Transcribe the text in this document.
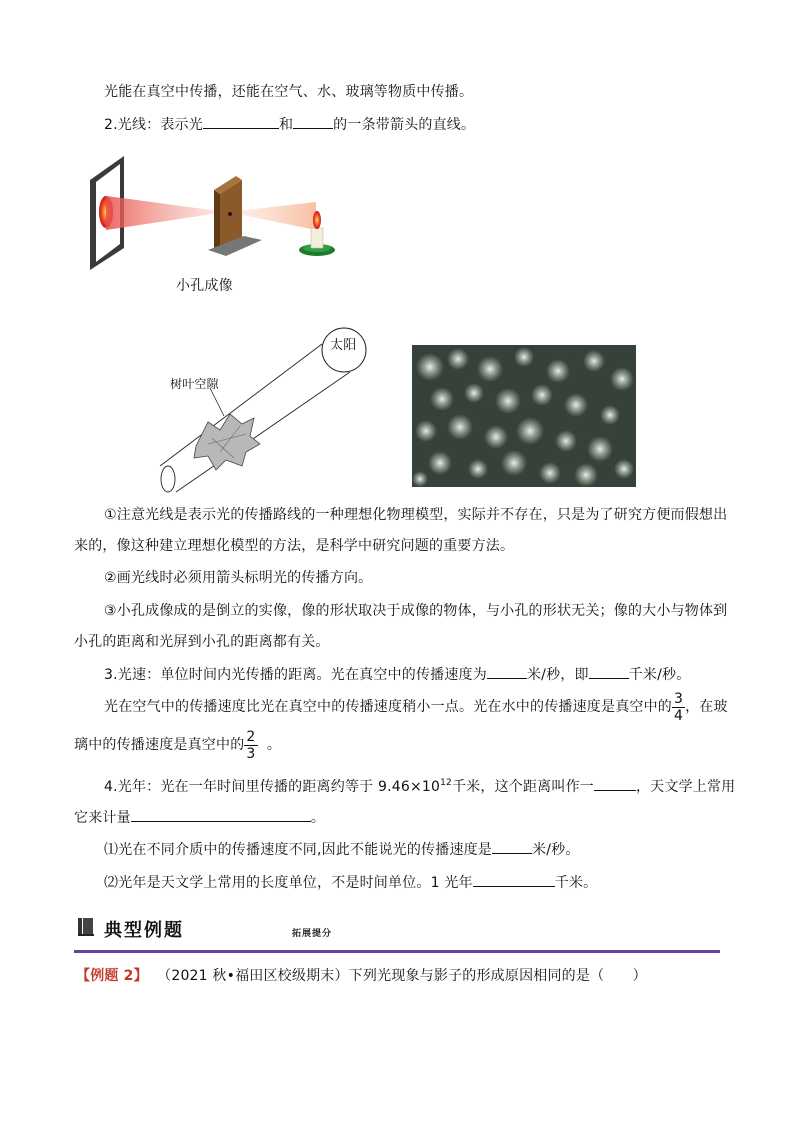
光能在真空中传播，还能在空气、水、玻璃等物质中传播。
2.光线：表示光	和	的一条带箭头的直线。
小孔成像
太阳
树叶空隙
①注意光线是表示光的传播路线的一种理想化物理模型，实际并不存在，只是为了研究方便而假想出
来的，像这种建立理想化模型的方法，是科学中研究问题的重要方法。
②画光线时必须用箭头标明光的传播方向。
③小孔成像成的是倒立的实像，像的形状取决于成像的物体，与小孔的形状无关；像的大小与物体到
小孔的距离和光屏到小孔的距离都有关。
3.光速：单位时间内光传播的距离。光在真空中的传播速度为	米/秒，即	千米/秒。
光在空气中的传播速度比光在真空中的传播速度稍小一点。光在水中的传播速度是真空中的 $\frac{3}{4}$ ，在玻
璃中的传播速度是真空中的 $\frac{2}{3}$ 。
4.光年：光在一年时间里传播的距离约等于 $9.46\times 10^{12}$千米，这个距离叫作一	，天文学上常用
它来计量	。
⑴光在不同介质中的传播速度不同,因此不能说光的传播速度是	米/秒。
⑵光年是天文学上常用的长度单位，不是时间单位。1 光年	千米。
典型例题	拓展提分
【例题 2】 （2021 秋•福田区校级期末）下列光现象与影子的形成原因相同的是（　　）
